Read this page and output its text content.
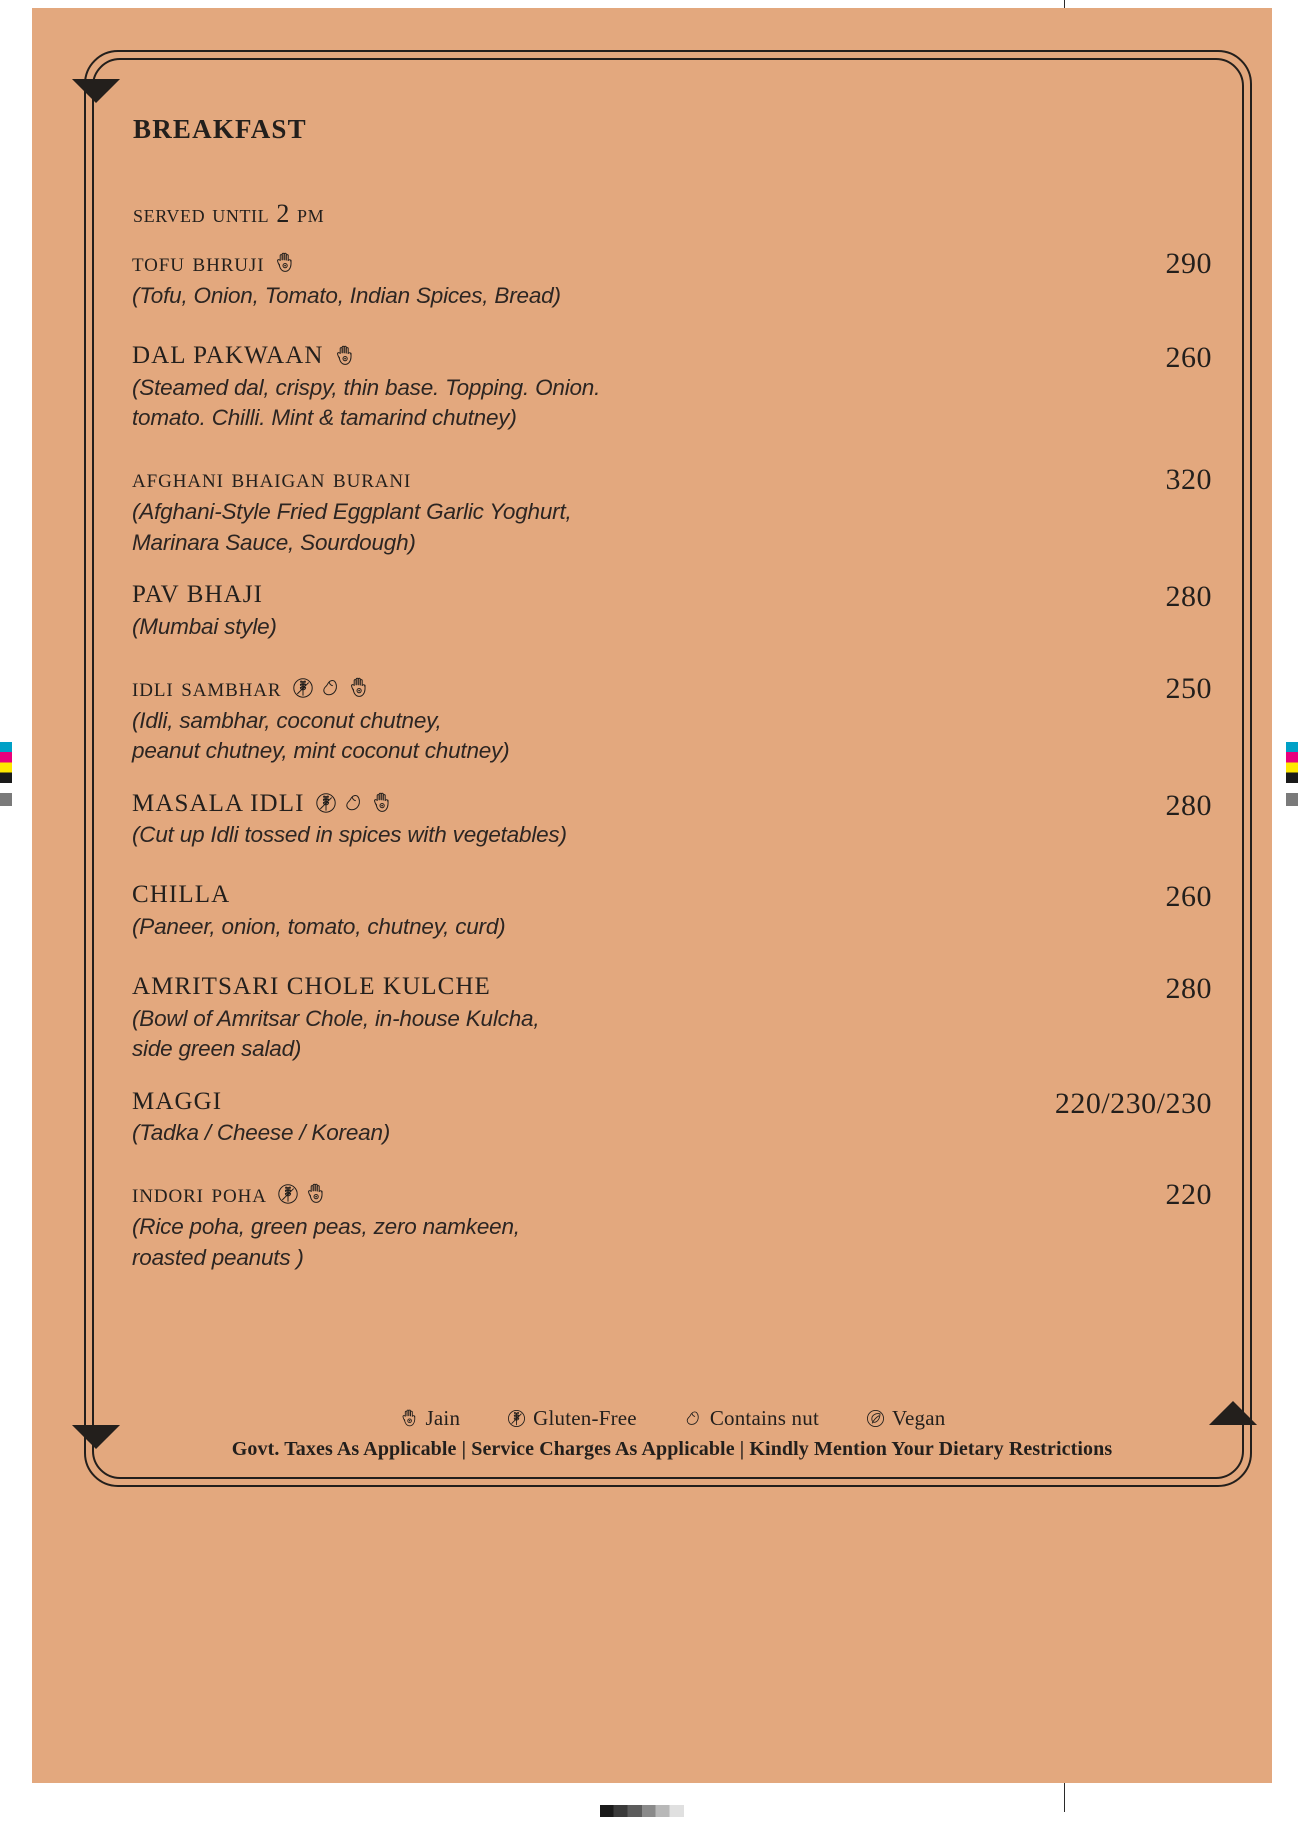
breakfast
served until 2 pm
tofu bhruji
(Tofu, Onion, Tomato, Indian Spices, Bread)
290
DAL PAKWAAN
(Steamed dal, crispy, thin base. Topping. Onion.
tomato. Chilli. Mint & tamarind chutney)
260
afghani bhaigan burani
(Afghani-Style Fried Eggplant Garlic Yoghurt,
Marinara Sauce, Sourdough)
320
PAV BHAJI
(Mumbai style)
280
idli sambhar
(Idli, sambhar, coconut chutney,
peanut chutney, mint coconut chutney)
250
MASALA IDLI
(Cut up Idli tossed in spices with vegetables)
280
CHILLA
(Paneer, onion, tomato, chutney, curd)
260
AMRITSARI CHOLE KULCHE
(Bowl of Amritsar Chole, in-house Kulcha,
side green salad)
280
MAGGI
(Tadka / Cheese / Korean)
220/230/230
indori poha
(Rice poha, green peas, zero namkeen,
roasted peanuts )
220
Jain	Gluten-Free	Contains nut	Vegan
Govt. Taxes As Applicable | Service Charges As Applicable | Kindly Mention Your Dietary Restrictions
